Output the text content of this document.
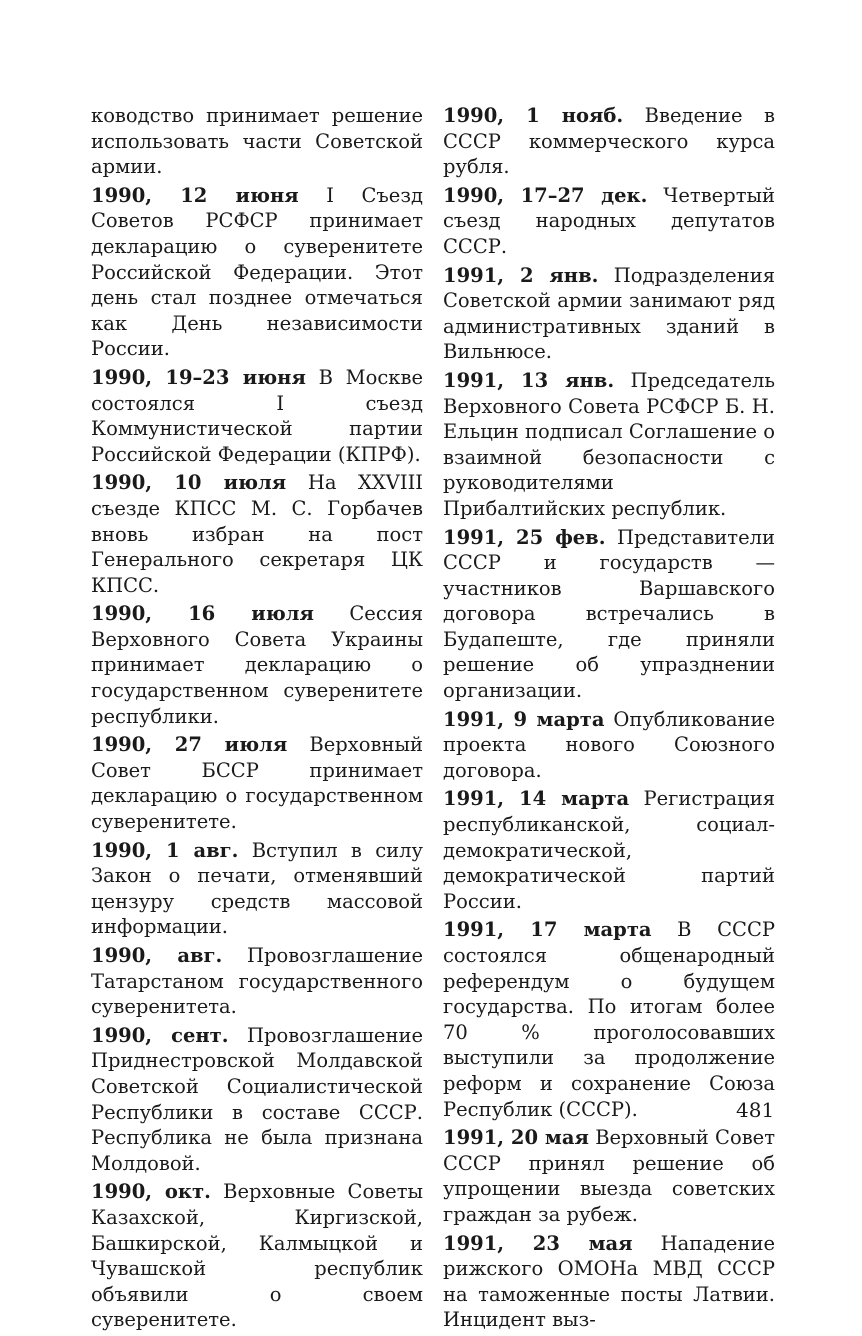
ководство принимает решение использовать части Советской армии.

1990, 12 июня I Съезд Советов РСФСР принимает декларацию о суверенитете Российской Федерации. Этот день стал позднее отмечаться как День независимости России.

1990, 19–23 июня В Москве состоялся I съезд Коммунистической партии Российской Федерации (КПРФ).

1990, 10 июля На XXVIII съезде КПСС М. С. Горбачев вновь избран на пост Генерального секретаря ЦК КПСС.

1990, 16 июля Сессия Верховного Совета Украины принимает декларацию о государственном суверенитете республики.

1990, 27 июля Верховный Совет БССР принимает декларацию о государственном суверенитете.

1990, 1 авг. Вступил в силу Закон о печати, отменявший цензуру средств массовой информации.

1990, авг. Провозглашение Татарстаном государственного суверенитета.

1990, сент. Провозглашение Приднестровской Молдавской Советской Социалистической Республики в составе СССР. Республика не была признана Молдовой.

1990, окт. Верховные Советы Казахской, Киргизской, Башкирской, Калмыцкой и Чувашской республик объявили о своем суверенитете.

1990, 1 нояб. Введение в СССР коммерческого курса рубля.

1990, 17–27 дек. Четвертый съезд народных депутатов СССР.

1991, 2 янв. Подразделения Советской армии занимают ряд административных зданий в Вильнюсе.

1991, 13 янв. Председатель Верховного Совета РСФСР Б. Н. Ельцин подписал Соглашение о взаимной безопасности с руководителями Прибалтийских республик.

1991, 25 фев. Представители СССР и государств — участников Варшавского договора встречались в Будапеште, где приняли решение об упразднении организации.

1991, 9 марта Опубликование проекта нового Союзного договора.

1991, 14 марта Регистрация республиканской, социал-демократической, демократической партий России.

1991, 17 марта В СССР состоялся общенародный референдум о будущем государства. По итогам более 70 % проголосовавших выступили за продолжение реформ и сохранение Союза Республик (СССР).

1991, 20 мая Верховный Совет СССР принял решение об упрощении выезда советских граждан за рубеж.

1991, 23 мая Нападение рижского ОМОНа МВД СССР на таможенные посты Латвии. Инцидент выз-

481
